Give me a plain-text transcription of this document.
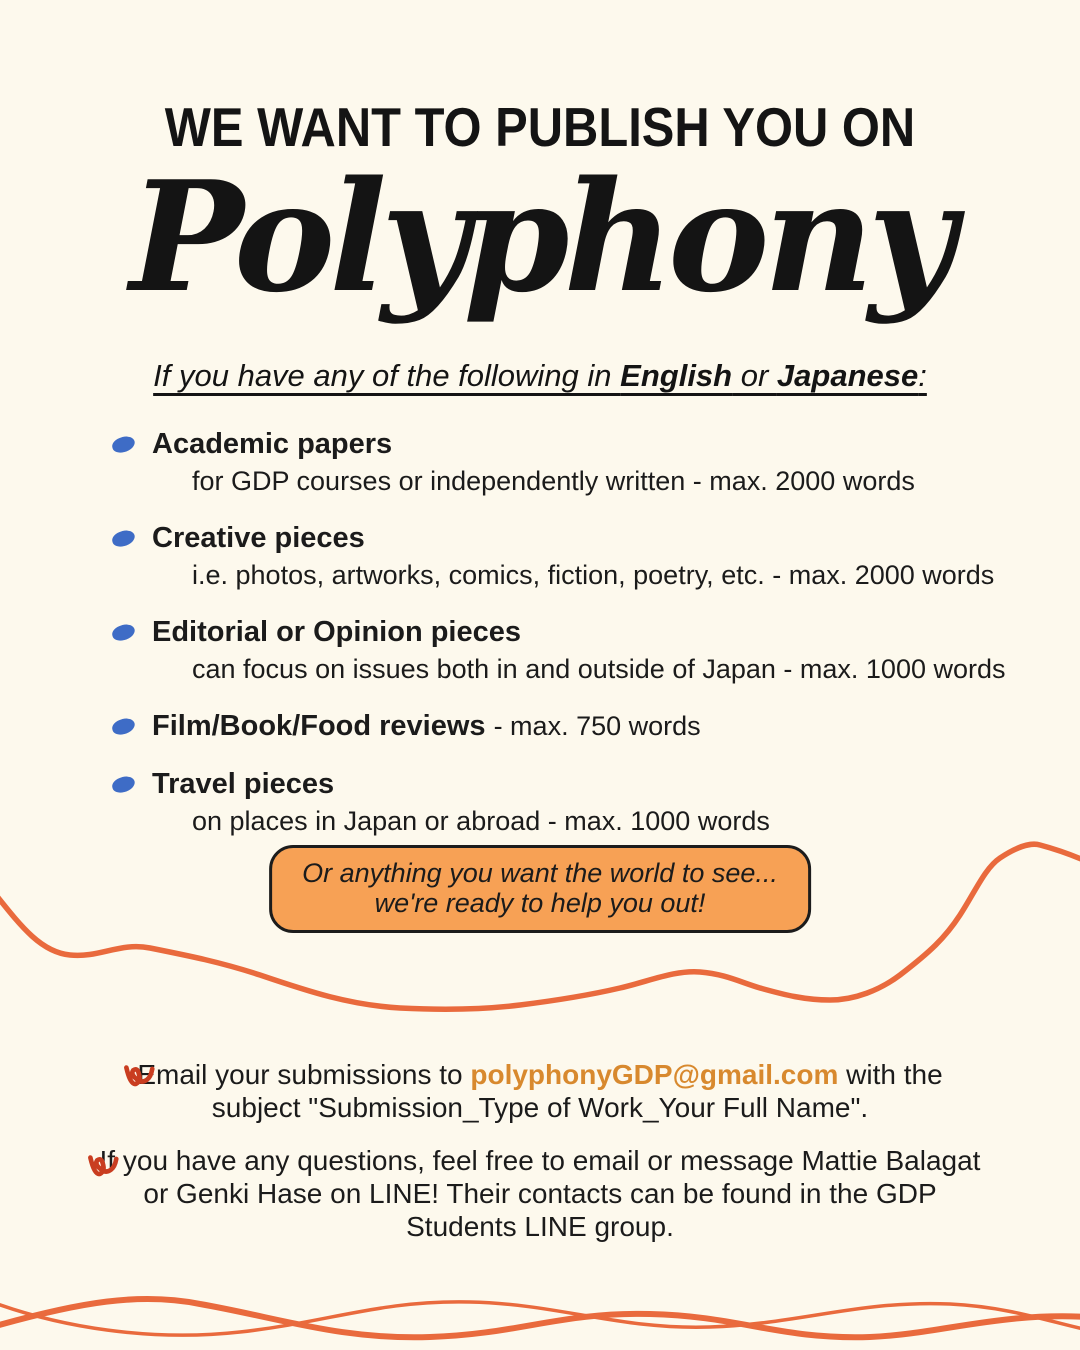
WE WANT TO PUBLISH YOU ON
Polyphony
If you have any of the following in English or Japanese:
Academic papers
for GDP courses or independently written - max. 2000 words
Creative pieces
i.e. photos, artworks, comics, fiction, poetry, etc. - max. 2000 words
Editorial or Opinion pieces
can focus on issues both in and outside of Japan - max. 1000 words
Film/Book/Food reviews - max. 750 words
Travel pieces
on places in Japan or abroad - max. 1000 words
Or anything you want the world to see...
we're ready to help you out!
Email your submissions to polyphonyGDP@gmail.com with the subject "Submission_Type of Work_Your Full Name".
If you have any questions, feel free to email or message Mattie Balagat or Genki Hase on LINE! Their contacts can be found in the GDP Students LINE group.
